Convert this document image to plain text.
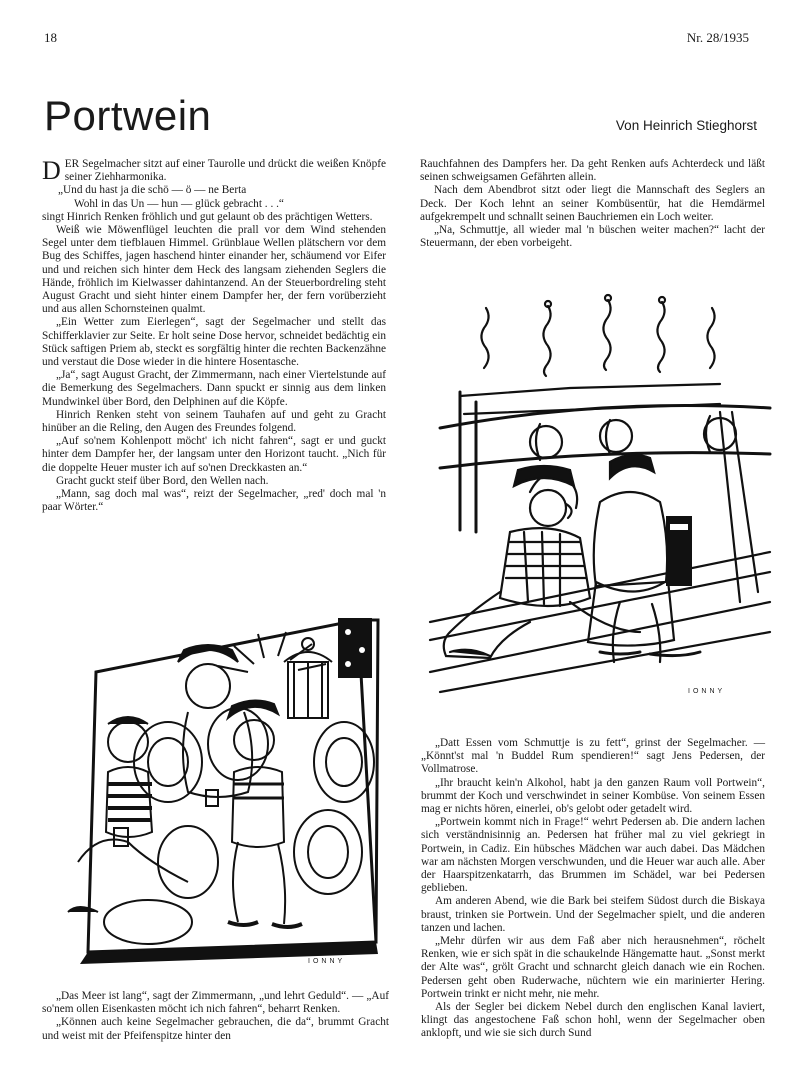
18	Nr. 28/1935
Portwein	Von Heinrich Stieghorst

DER Segelmacher sitzt auf einer Taurolle und drückt die weißen Knöpfe seiner Ziehharmonika.

„Und du hast ja die schö — ö — ne Berta

Wohl in das Un — hun — glück gebracht . . .“

singt Hinrich Renken fröhlich und gut gelaunt ob des prächtigen Wetters.

Weiß wie Möwenflügel leuchten die prall vor dem Wind stehenden Segel unter dem tiefblauen Himmel. Grünblaue Wellen plätschern vor dem Bug des Schiffes, jagen haschend hinter einander her, schäumend vor Eifer und und reichen sich hinter dem Heck des langsam ziehenden Seglers die Hände, fröhlich im Kielwasser dahintanzend. An der Steuerbordreling steht August Gracht und sieht hinter einem Dampfer her, der fern vorüberzieht und aus allen Schornsteinen qualmt.

„Ein Wetter zum Eierlegen“, sagt der Segelmacher und stellt das Schifferklavier zur Seite. Er holt seine Dose hervor, schneidet bedächtig ein Stück saftigen Priem ab, steckt es sorgfältig hinter die rechten Backenzähne und verstaut die Dose wieder in die hintere Hosentasche.

„Ja“, sagt August Gracht, der Zimmermann, nach einer Viertelstunde auf die Bemerkung des Segelmachers. Dann spuckt er sinnig aus dem linken Mundwinkel über Bord, den Delphinen auf die Köpfe.

Hinrich Renken steht von seinem Tauhafen auf und geht zu Gracht hinüber an die Reling, den Augen des Freundes folgend.

„Auf so'nem Kohlenpott möcht' ich nicht fahren“, sagt er und guckt hinter dem Dampfer her, der langsam unter den Horizont taucht. „Nich für die doppelte Heuer muster ich auf so'nen Dreckkasten an.“

Gracht guckt steif über Bord, den Wellen nach.

„Mann, sag doch mal was“, reizt der Segelmacher, „red' doch mal 'n paar Wörter.“

Rauchfahnen des Dampfers her. Da geht Renken aufs Achterdeck und läßt seinen schweigsamen Gefährten allein.

Nach dem Abendbrot sitzt oder liegt die Mannschaft des Seglers an Deck. Der Koch lehnt an seiner Kombüsentür, hat die Hemdärmel aufgekrempelt und schnallt seinen Bauchriemen ein Loch weiter.

„Na, Schmuttje, all wieder mal 'n büschen weiter machen?“ lacht der Steuermann, der eben vorbeigeht.

IONNY
IONNY

„Das Meer ist lang“, sagt der Zimmermann, „und lehrt Geduld“. — „Auf so'nem ollen Eisenkasten möcht ich nich fahren“, beharrt Renken.

„Können auch keine Segelmacher gebrauchen, die da“, brummt Gracht und weist mit der Pfeifenspitze hinter den

„Datt Essen vom Schmuttje is zu fett“, grinst der Segelmacher. — „Könnt'st mal 'n Buddel Rum spendieren!“ sagt Jens Pedersen, der Vollmatrose.

„Ihr braucht kein'n Alkohol, habt ja den ganzen Raum voll Portwein“, brummt der Koch und verschwindet in seiner Kombüse. Von seinem Essen mag er nichts hören, einerlei, ob's gelobt oder getadelt wird.

„Portwein kommt nich in Frage!“ wehrt Pedersen ab. Die andern lachen sich verständnisinnig an. Pedersen hat früher mal zu viel gekriegt in Portwein, in Cadiz. Ein hübsches Mädchen war auch dabei. Das Mädchen war am nächsten Morgen verschwunden, und die Heuer war auch alle. Aber der Haarspitzenkatarrh, das Brummen im Schädel, war bei Pedersen geblieben.

Am anderen Abend, wie die Bark bei steifem Südost durch die Biskaya braust, trinken sie Portwein. Und der Segelmacher spielt, und die anderen tanzen und lachen.

„Mehr dürfen wir aus dem Faß aber nich herausnehmen“, röchelt Renken, wie er sich spät in die schaukelnde Hängematte haut. „Sonst merkt der Alte was“, grölt Gracht und schnarcht gleich danach wie ein Rochen. Pedersen geht oben Ruderwache, nüchtern wie ein marinierter Hering. Portwein trinkt er nicht mehr, nie mehr.

Als der Segler bei dickem Nebel durch den englischen Kanal laviert, klingt das angestochene Faß schon hohl, wenn der Segelmacher oben anklopft, und wie sie sich durch Sund
